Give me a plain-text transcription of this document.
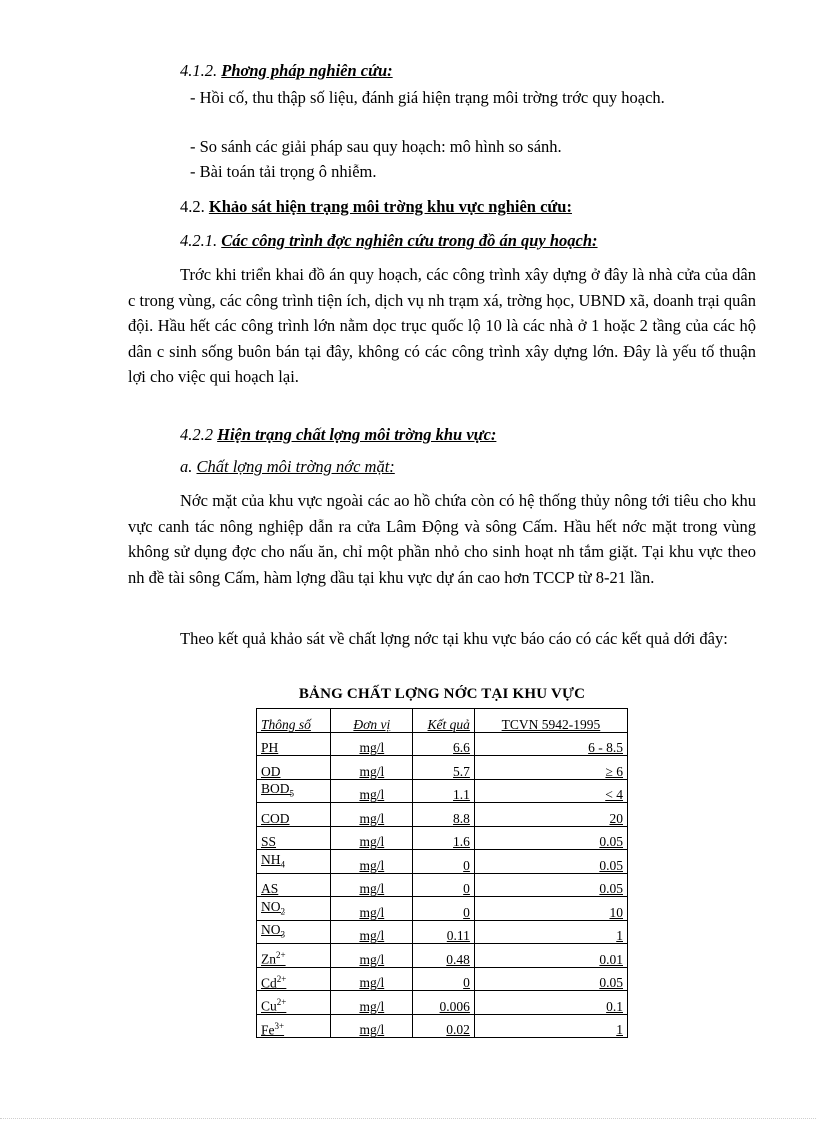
4.1.2. Phơng pháp nghiên cứu:
- Hồi cố, thu thập số liệu, đánh giá hiện trạng môi trờng trớc quy hoạch.
- So sánh các giải pháp sau quy hoạch: mô hình so sánh.
- Bài toán tải trọng ô nhiễm.
4.2. Khảo sát hiện trạng môi trờng khu vực nghiên cứu:
4.2.1. Các công trình đợc nghiên cứu trong đồ án quy hoạch:
Trớc khi triển khai đồ án quy hoạch, các công trình xây dựng ở đây là nhà cửa của dân c trong vùng, các công trình tiện ích, dịch vụ nh trạm xá, trờng học, UBND xã, doanh trại quân đội. Hầu hết các công trình lớn nằm dọc trục quốc lộ 10 là các nhà ở 1 hoặc 2 tầng của các hộ dân c sinh sống buôn bán tại đây, không có các công trình xây dựng lớn. Đây là yếu tố thuận lợi cho việc qui hoạch lại.
4.2.2 Hiện trạng chất lợng môi trờng khu vực:
a. Chất lợng môi trờng nớc mặt:
Nớc mặt của khu vực ngoài các ao hồ chứa còn có hệ thống thủy nông tới tiêu cho khu vực canh tác nông nghiệp dẫn ra cửa Lâm Động và sông Cấm. Hầu hết nớc mặt trong vùng không sử dụng đợc cho nấu ăn, chỉ một phần nhỏ cho sinh hoạt nh tắm giặt. Tại khu vực theo nh đề tài sông Cấm, hàm lợng dầu tại khu vực dự án cao hơn TCCP từ 8-21 lần.
Theo kết quả khảo sát về chất lợng nớc tại khu vực báo cáo có các kết quả dới đây:
BẢNG CHẤT LỢNG NỚC TẠI KHU VỰC
Thông số	Đơn vị	Kết quả	TCVN 5942-1995
PH	mg/l	6.6	6 - 8.5
OD	mg/l	5.7	≥ 6
$BOD_5$	mg/l	1.1	< 4
COD	mg/l	8.8	20
SS	mg/l	1.6	0.05
$NH_4$	mg/l	0	0.05
AS	mg/l	0	0.05
$NO_2$	mg/l	0	10
$NO_3$	mg/l	0.11	1
$Zn^{2+}$	mg/l	0.48	0.01
$Cd^{2+}$	mg/l	0	0.05
$Cu^{2+}$	mg/l	0.006	0.1
$Fe^{3+}$	mg/l	0.02	1
